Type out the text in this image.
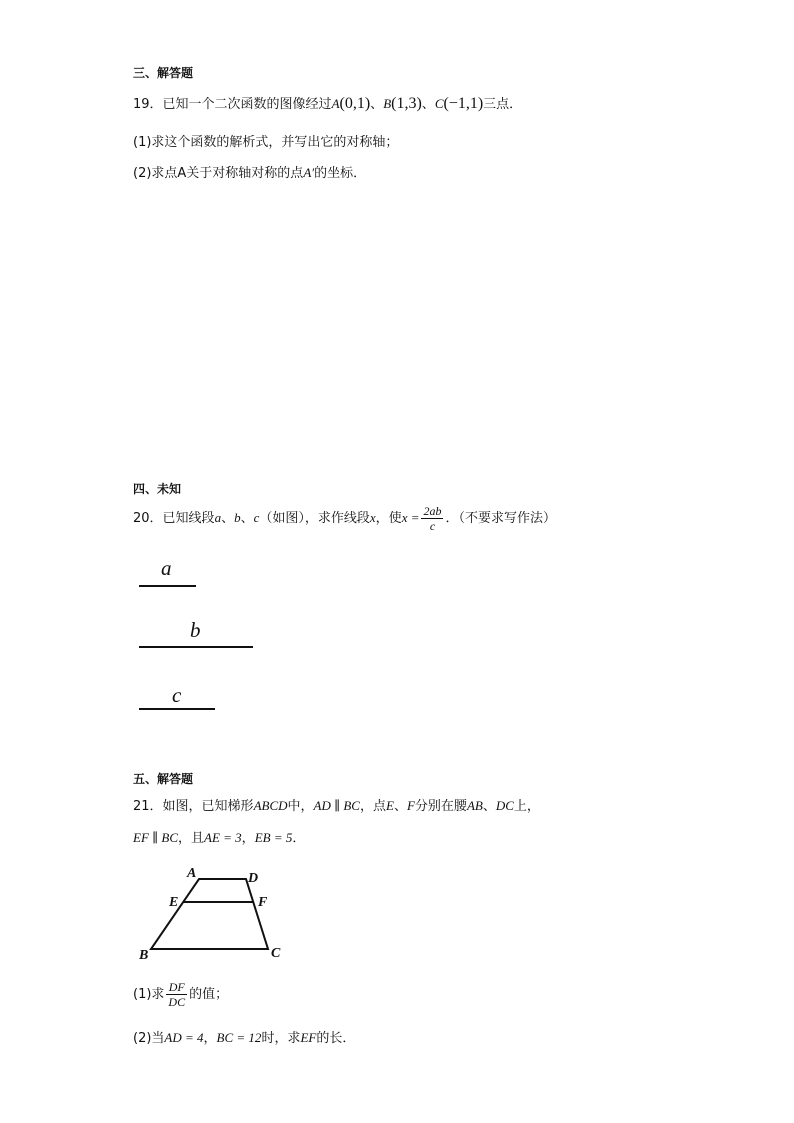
三、解答题
19．已知一个二次函数的图像经过A(0,1)、B(1,3)、C(−1,1)三点．
(1)求这个函数的解析式，并写出它的对称轴；
(2)求点A关于对称轴对称的点A′的坐标．
四、未知
20．已知线段a、b、c（如图），求作线段x，使$x = \frac{2ab}{c}$ ．（不要求写作法）
a
b
c
五、解答题
21．如图，已知梯形ABCD中，AD ∥ BC，点E、F分别在腰AB、DC上，
EF ∥ BC，且AE = 3，EB = 5．
A	D
E	F
B	C
(1)求 $\frac{DF}{DC}$ 的值；
(2)当AD = 4，BC = 12时，求EF的长．
